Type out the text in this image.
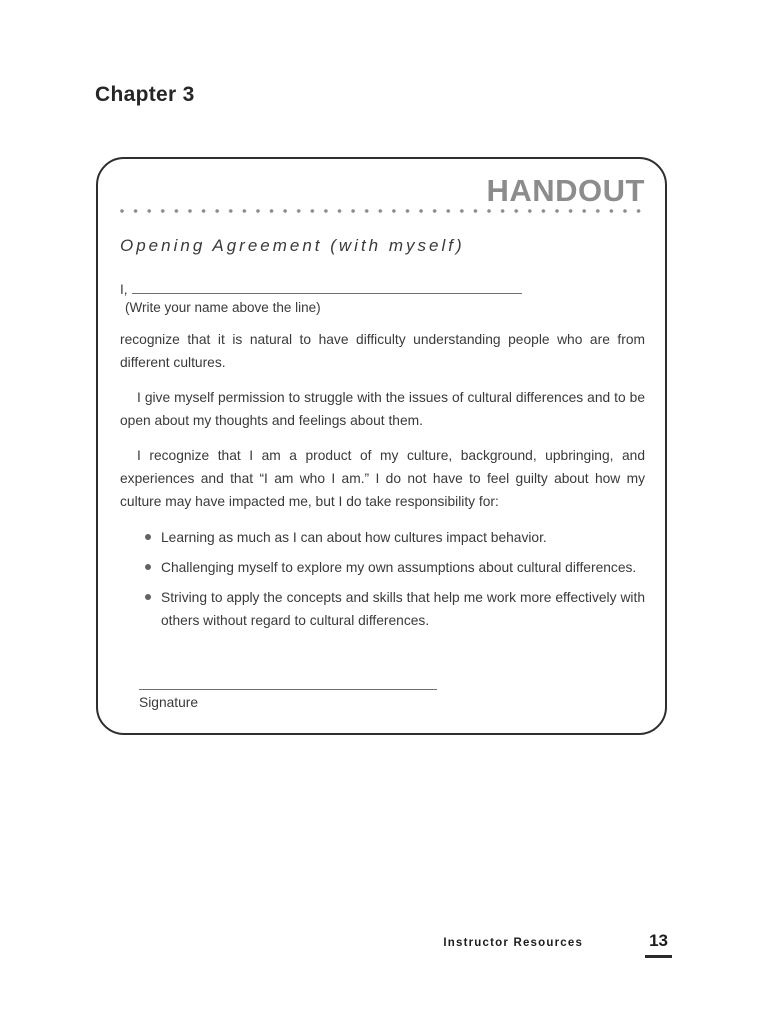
Chapter 3
HANDOUT
Opening Agreement (with myself)
I,
(Write your name above the line)

recognize that it is natural to have difficulty understanding people who are from different cultures.

I give myself permission to struggle with the issues of cultural differences and to be open about my thoughts and feelings about them.

I recognize that I am a product of my culture, background, upbringing, and experiences and that “I am who I am.” I do not have to feel guilty about how my culture may have impacted me, but I do take responsibility for:

Learning as much as I can about how cultures impact behavior.
Challenging myself to explore my own assumptions about cultural differences.
Striving to apply the concepts and skills that help me work more effectively with others without regard to cultural differences.
Signature
Instructor Resources	13
